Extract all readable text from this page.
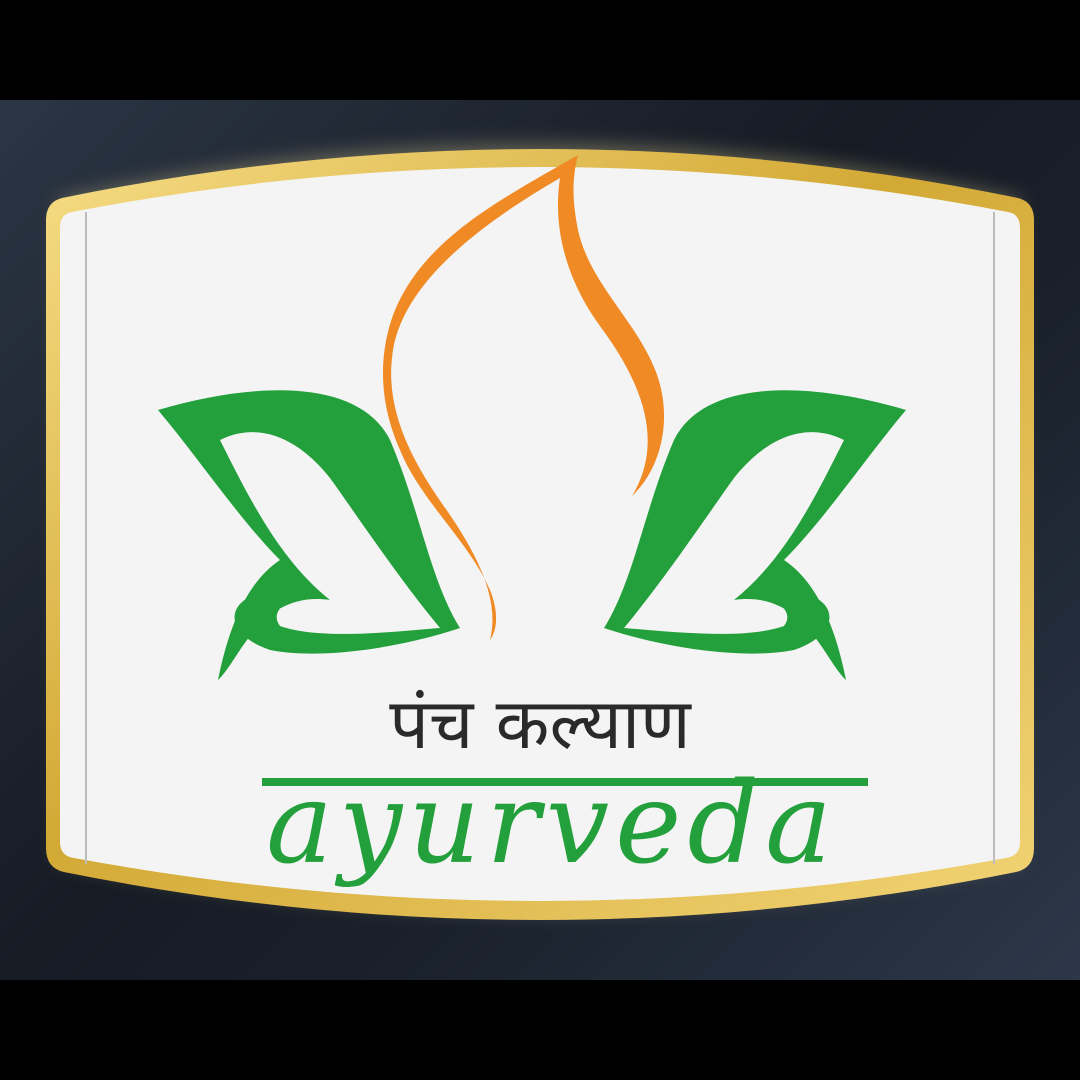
पंच कल्याण
ayurveda
